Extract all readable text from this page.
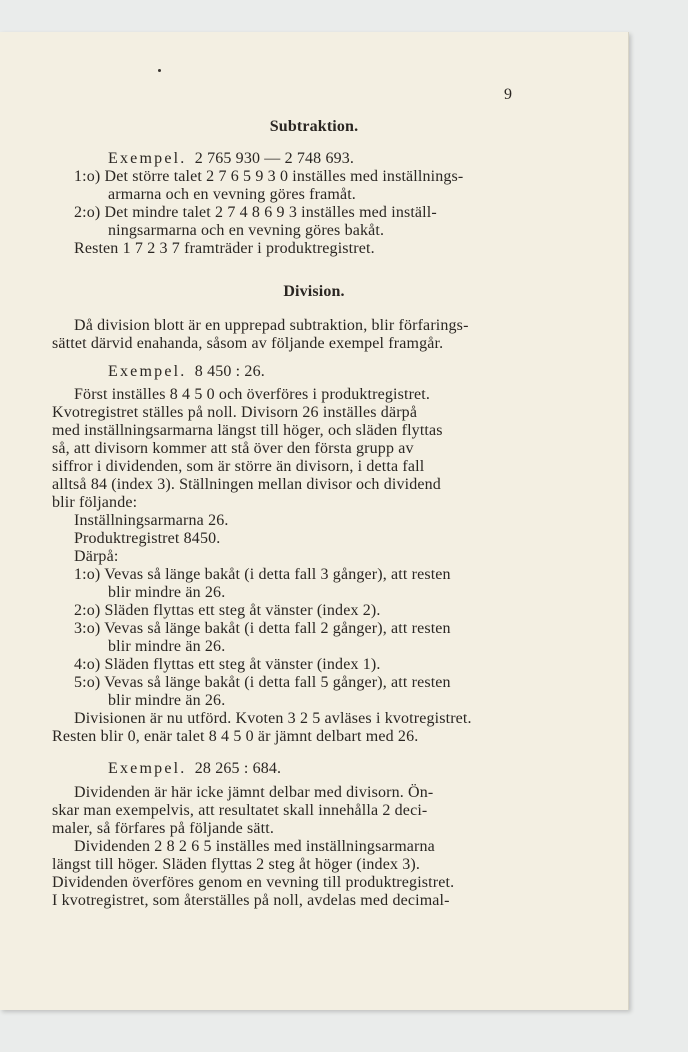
9
Subtraktion.
Exempel. 2 765 930 — 2 748 693.
1:o) Det större talet 2 7 6 5 9 3 0 inställes med inställnings-
armarna och en vevning göres framåt.
2:o) Det mindre talet 2 7 4 8 6 9 3 inställes med inställ-
ningsarmarna och en vevning göres bakåt.
Resten 1 7 2 3 7 framträder i produktregistret.
Division.
Då division blott är en upprepad subtraktion, blir förfarings-
sättet därvid enahanda, såsom av följande exempel framgår.
Exempel. 8 450 : 26.
Först inställes 8 4 5 0 och överföres i produktregistret.
Kvotregistret ställes på noll. Divisorn 26 inställes därpå
med inställningsarmarna längst till höger, och släden flyttas
så, att divisorn kommer att stå över den första grupp av
siffror i dividenden, som är större än divisorn, i detta fall
alltså 84 (index 3). Ställningen mellan divisor och dividend
blir följande:
Inställningsarmarna 26.
Produktregistret 8450.
Därpå:
1:o) Vevas så länge bakåt (i detta fall 3 gånger), att resten
blir mindre än 26.
2:o) Släden flyttas ett steg åt vänster (index 2).
3:o) Vevas så länge bakåt (i detta fall 2 gånger), att resten
blir mindre än 26.
4:o) Släden flyttas ett steg åt vänster (index 1).
5:o) Vevas så länge bakåt (i detta fall 5 gånger), att resten
blir mindre än 26.
Divisionen är nu utförd. Kvoten 3 2 5 avläses i kvotregistret.
Resten blir 0, enär talet 8 4 5 0 är jämnt delbart med 26.
Exempel. 28 265 : 684.
Dividenden är här icke jämnt delbar med divisorn. Ön-
skar man exempelvis, att resultatet skall innehålla 2 deci-
maler, så förfares på följande sätt.
Dividenden 2 8 2 6 5 inställes med inställningsarmarna
längst till höger. Släden flyttas 2 steg åt höger (index 3).
Dividenden överföres genom en vevning till produktregistret.
I kvotregistret, som återställes på noll, avdelas med decimal-
